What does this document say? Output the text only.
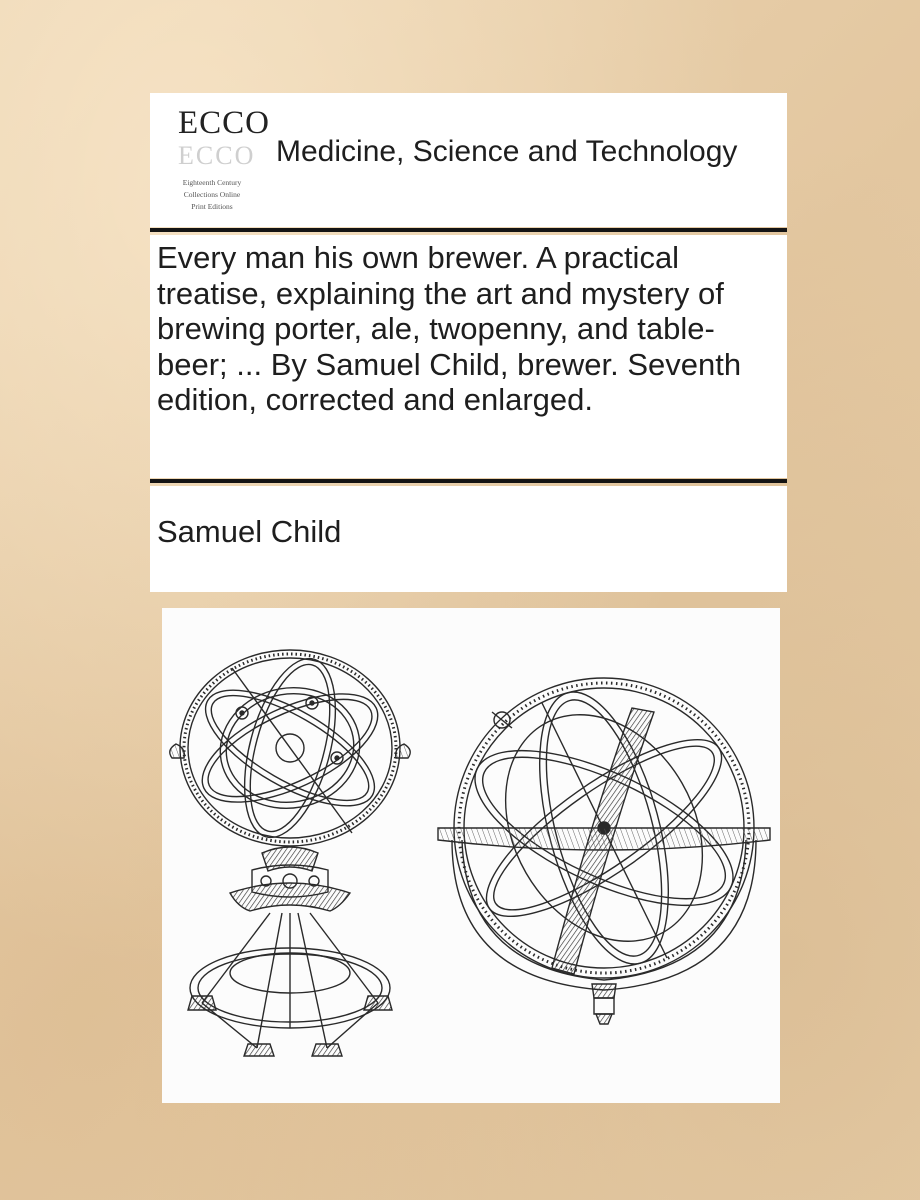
ECCO
ECCO
Eighteenth Century
Collections Online
Print Editions
Medicine, Science and Technology
Every man his own brewer. A practical treatise, explaining the art and mystery of brewing porter, ale, twopenny, and table-beer; ... By Samuel Child, brewer. Seventh edition, corrected and enlarged.
Samuel Child
